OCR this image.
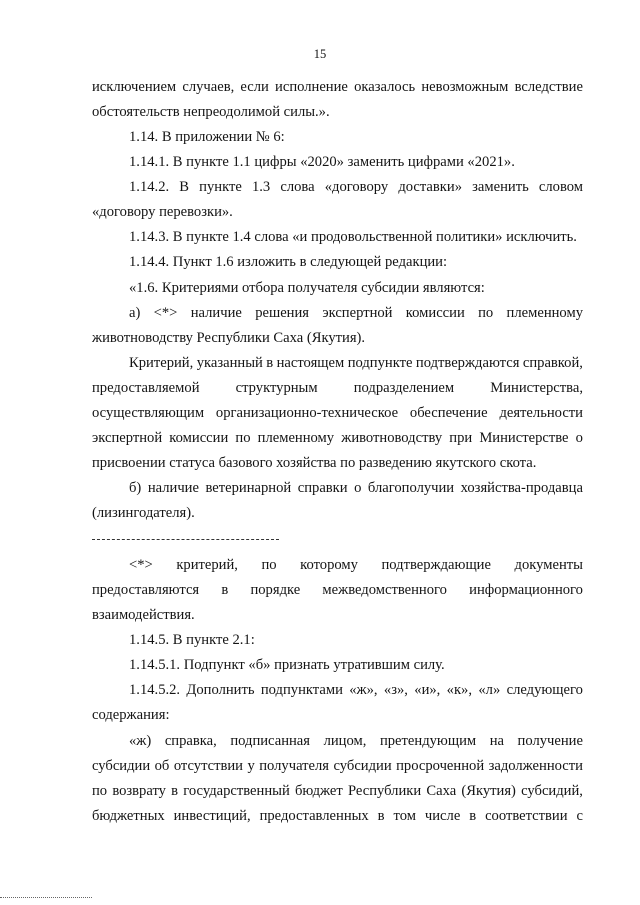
15
исключением случаев, если исполнение оказалось невозможным вследствие
обстоятельств непреодолимой силы.».
1.14. В приложении № 6:
1.14.1. В пункте 1.1 цифры «2020» заменить цифрами «2021».
1.14.2. В пункте 1.3 слова «договору доставки» заменить словом
«договору перевозки».
1.14.3. В пункте 1.4 слова «и продовольственной политики» исключить.
1.14.4. Пункт 1.6 изложить в следующей редакции:
«1.6. Критериями отбора получателя субсидии являются:
а) <*> наличие решения экспертной комиссии по племенному
животноводству Республики Саха (Якутия).
Критерий, указанный в настоящем подпункте подтверждаются справкой,
предоставляемой структурным подразделением Министерства,
осуществляющим организационно-техническое обеспечение деятельности
экспертной комиссии по племенному животноводству при Министерстве о
присвоении статуса базового хозяйства по разведению якутского скота.
б) наличие ветеринарной справки о благополучии хозяйства-продавца
(лизингодателя).
<*> критерий, по которому подтверждающие документы
предоставляются в порядке межведомственного информационного
взаимодействия.
1.14.5. В пункте 2.1:
1.14.5.1. Подпункт «б» признать утратившим силу.
1.14.5.2. Дополнить подпунктами «ж», «з», «и», «к», «л» следующего
содержания:
«ж) справка, подписанная лицом, претендующим на получение
субсидии об отсутствии у получателя субсидии просроченной задолженности
по возврату в государственный бюджет Республики Саха (Якутия) субсидий,
бюджетных инвестиций, предоставленных в том числе в соответствии с
